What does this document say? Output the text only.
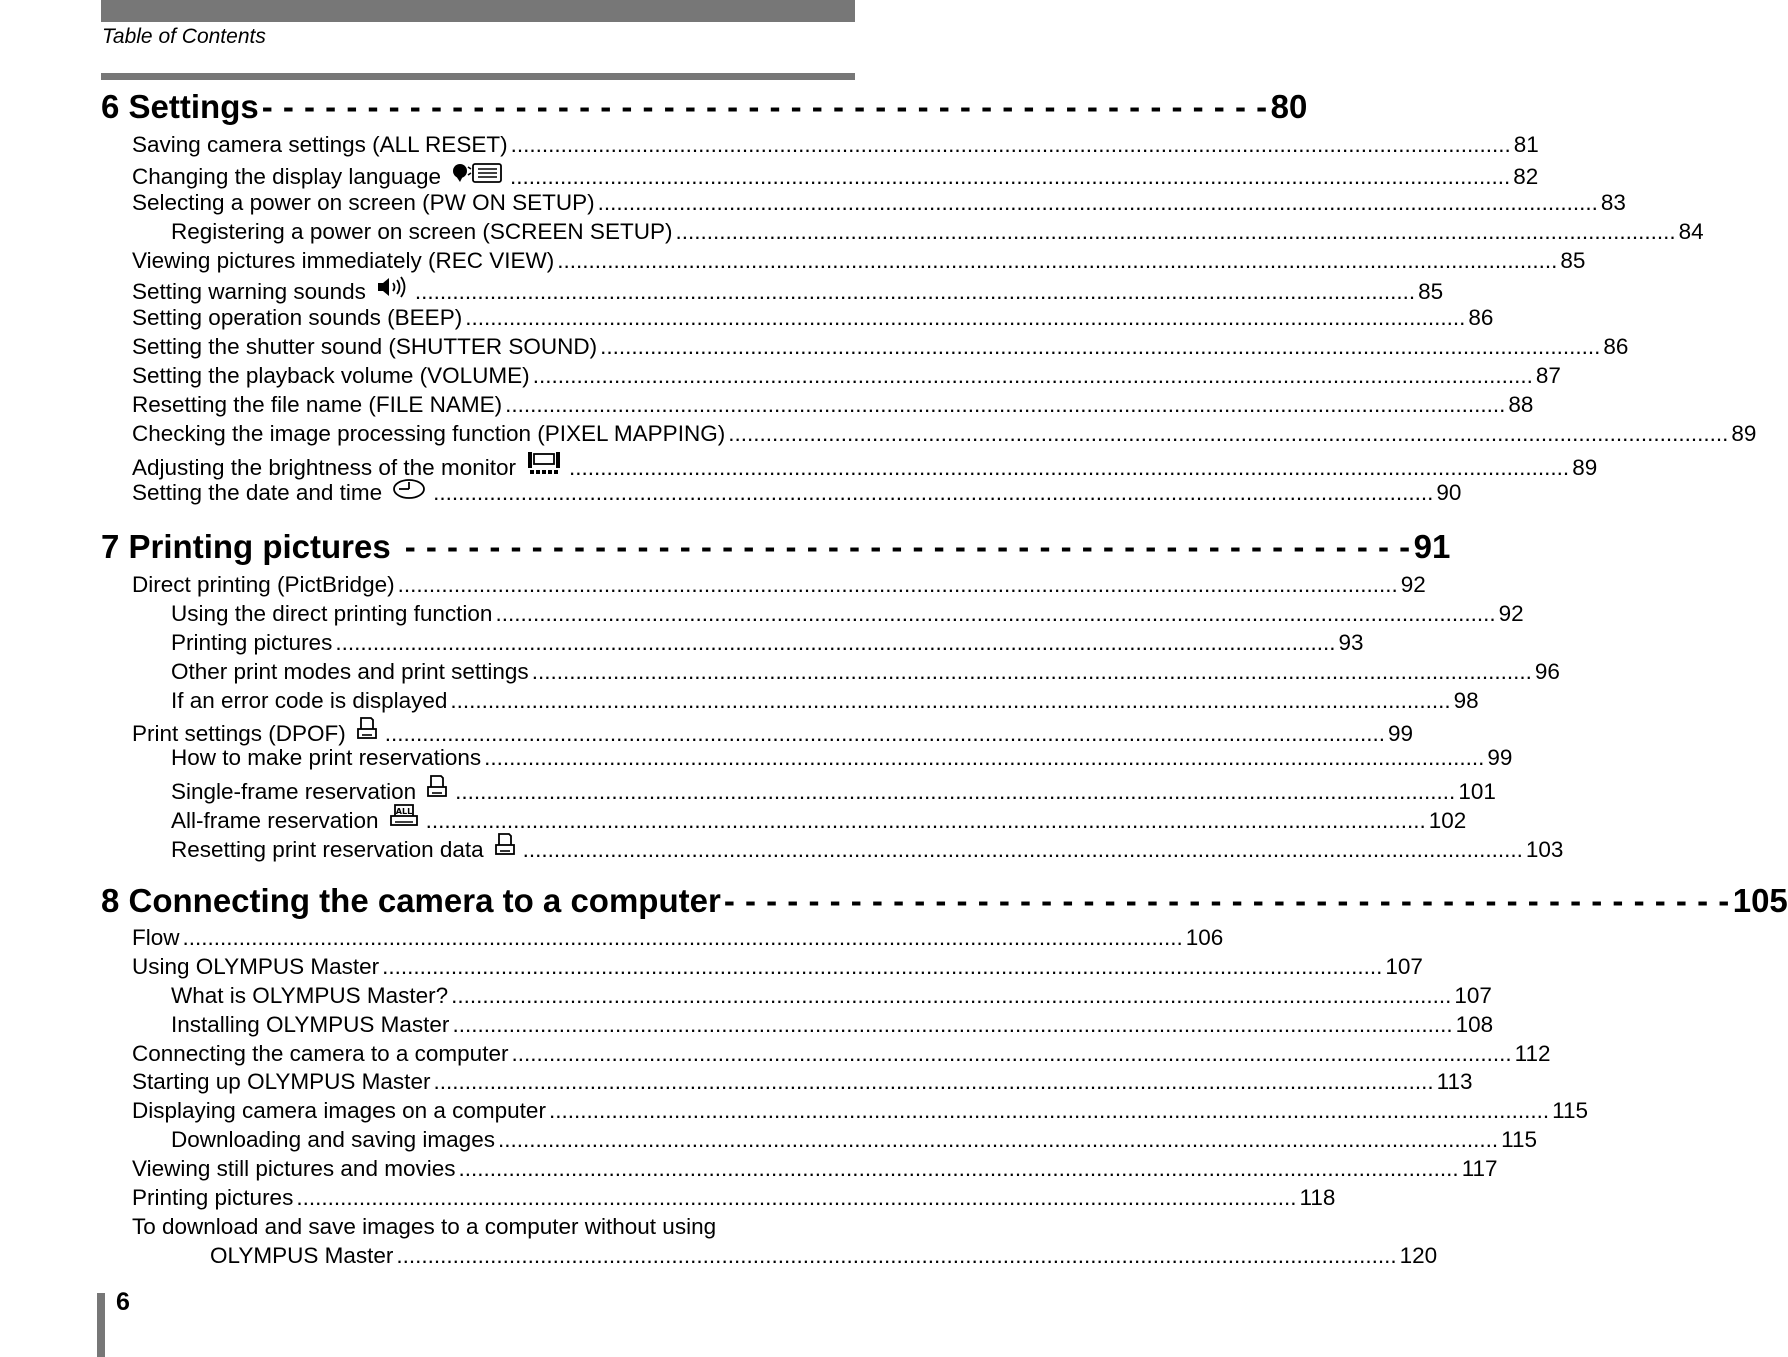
Table of Contents
6 Settings - - - - - - - - - - - - - - - - - - - - - - - - - - - - - - - - - - - - - - - - - - - - - - - - 80
Saving camera settings (ALL RESET) ................................................................................................................................................................ 81
Changing the display language	................................................................................................................................................................ 82
Selecting a power on screen (PW ON SETUP) ................................................................................................................................................................ 83
Registering a power on screen (SCREEN SETUP) ................................................................................................................................................................ 84
Viewing pictures immediately (REC VIEW) ................................................................................................................................................................ 85
Setting warning sounds ................................................................................................................................................................ 85
Setting operation sounds (BEEP) ................................................................................................................................................................ 86
Setting the shutter sound (SHUTTER SOUND) ................................................................................................................................................................ 86
Setting the playback volume (VOLUME) ................................................................................................................................................................ 87
Resetting the file name (FILE NAME) ................................................................................................................................................................ 88
Checking the image processing function (PIXEL MAPPING) ................................................................................................................................................................ 89
Adjusting the brightness of the monitor ................................................................................................................................................................ 89
Setting the date and time ................................................................................................................................................................ 90
7 Printing pictures - - - - - - - - - - - - - - - - - - - - - - - - - - - - - - - - - - - - - - - - - - - - - - - - 91
Direct printing (PictBridge) ................................................................................................................................................................ 92
Using the direct printing function ................................................................................................................................................................ 92
Printing pictures ................................................................................................................................................................ 93
Other print modes and print settings ................................................................................................................................................................ 96
If an error code is displayed ................................................................................................................................................................ 98
Print settings (DPOF) ................................................................................................................................................................ 99
How to make print reservations ................................................................................................................................................................ 99
Single-frame reservation ................................................................................................................................................................ 101
All-frame reservation ALL ................................................................................................................................................................ 102
Resetting print reservation data ................................................................................................................................................................ 103
8 Connecting the camera to a computer - - - - - - - - - - - - - - - - - - - - - - - - - - - - - - - - - - - - - - - - - - - - - - - - 105
Flow ................................................................................................................................................................ 106
Using OLYMPUS Master ................................................................................................................................................................ 107
What is OLYMPUS Master? ................................................................................................................................................................ 107
Installing OLYMPUS Master ................................................................................................................................................................ 108
Connecting the camera to a computer ................................................................................................................................................................ 112
Starting up OLYMPUS Master ................................................................................................................................................................ 113
Displaying camera images on a computer ................................................................................................................................................................ 115
Downloading and saving images ................................................................................................................................................................ 115
Viewing still pictures and movies ................................................................................................................................................................ 117
Printing pictures ................................................................................................................................................................ 118
To download and save images to a computer without using
OLYMPUS Master ................................................................................................................................................................ 120
6
